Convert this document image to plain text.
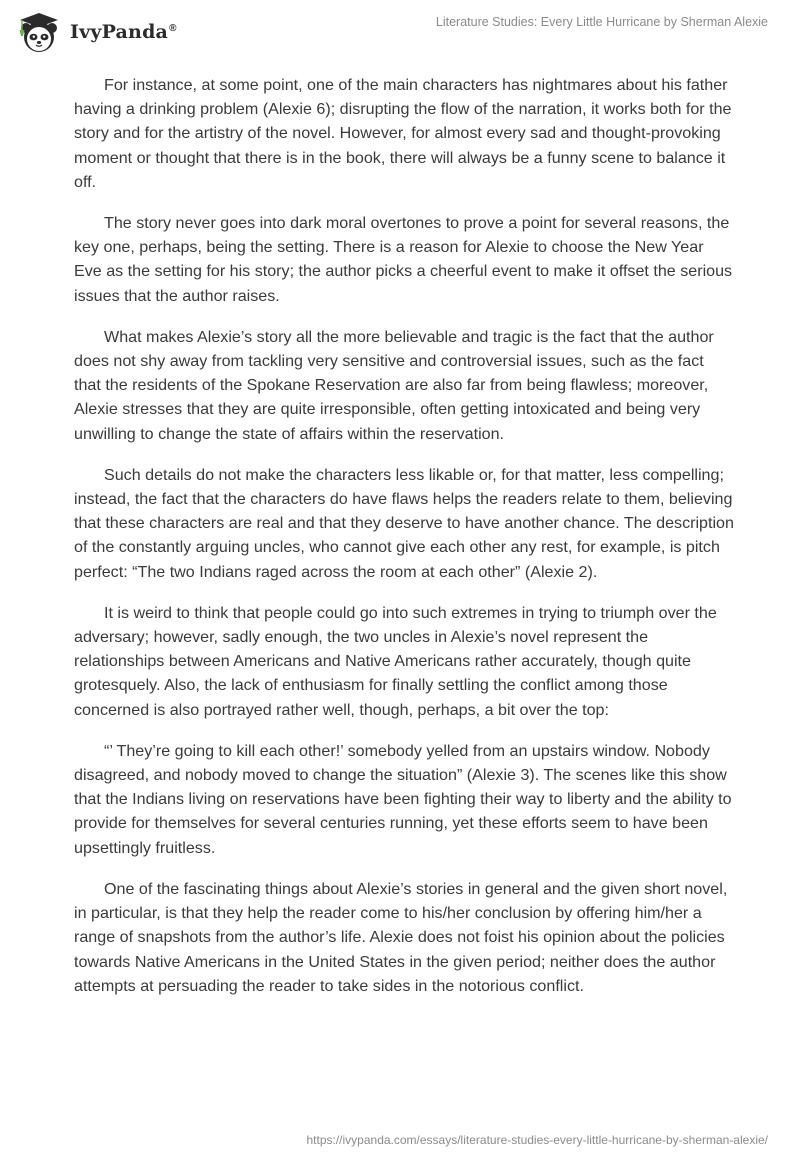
IvyPanda®	Literature Studies: Every Little Hurricane by Sherman Alexie

For instance, at some point, one of the main characters has nightmares about his father having a drinking problem (Alexie 6); disrupting the flow of the narration, it works both for the story and for the artistry of the novel. However, for almost every sad and thought-provoking moment or thought that there is in the book, there will always be a funny scene to balance it off.

The story never goes into dark moral overtones to prove a point for several reasons, the key one, perhaps, being the setting. There is a reason for Alexie to choose the New Year Eve as the setting for his story; the author picks a cheerful event to make it offset the serious issues that the author raises.

What makes Alexie’s story all the more believable and tragic is the fact that the author does not shy away from tackling very sensitive and controversial issues, such as the fact that the residents of the Spokane Reservation are also far from being flawless; moreover, Alexie stresses that they are quite irresponsible, often getting intoxicated and being very unwilling to change the state of affairs within the reservation.

Such details do not make the characters less likable or, for that matter, less compelling; instead, the fact that the characters do have flaws helps the readers relate to them, believing that these characters are real and that they deserve to have another chance. The description of the constantly arguing uncles, who cannot give each other any rest, for example, is pitch perfect: “The two Indians raged across the room at each other” (Alexie 2).

It is weird to think that people could go into such extremes in trying to triumph over the adversary; however, sadly enough, the two uncles in Alexie’s novel represent the relationships between Americans and Native Americans rather accurately, though quite grotesquely. Also, the lack of enthusiasm for finally settling the conflict among those concerned is also portrayed rather well, though, perhaps, a bit over the top:

“’ They’re going to kill each other!’ somebody yelled from an upstairs window. Nobody disagreed, and nobody moved to change the situation” (Alexie 3). The scenes like this show that the Indians living on reservations have been fighting their way to liberty and the ability to provide for themselves for several centuries running, yet these efforts seem to have been upsettingly fruitless.

One of the fascinating things about Alexie’s stories in general and the given short novel, in particular, is that they help the reader come to his/her conclusion by offering him/her a range of snapshots from the author’s life. Alexie does not foist his opinion about the policies towards Native Americans in the United States in the given period; neither does the author attempts at persuading the reader to take sides in the notorious conflict.

https://ivypanda.com/essays/literature-studies-every-little-hurricane-by-sherman-alexie/
